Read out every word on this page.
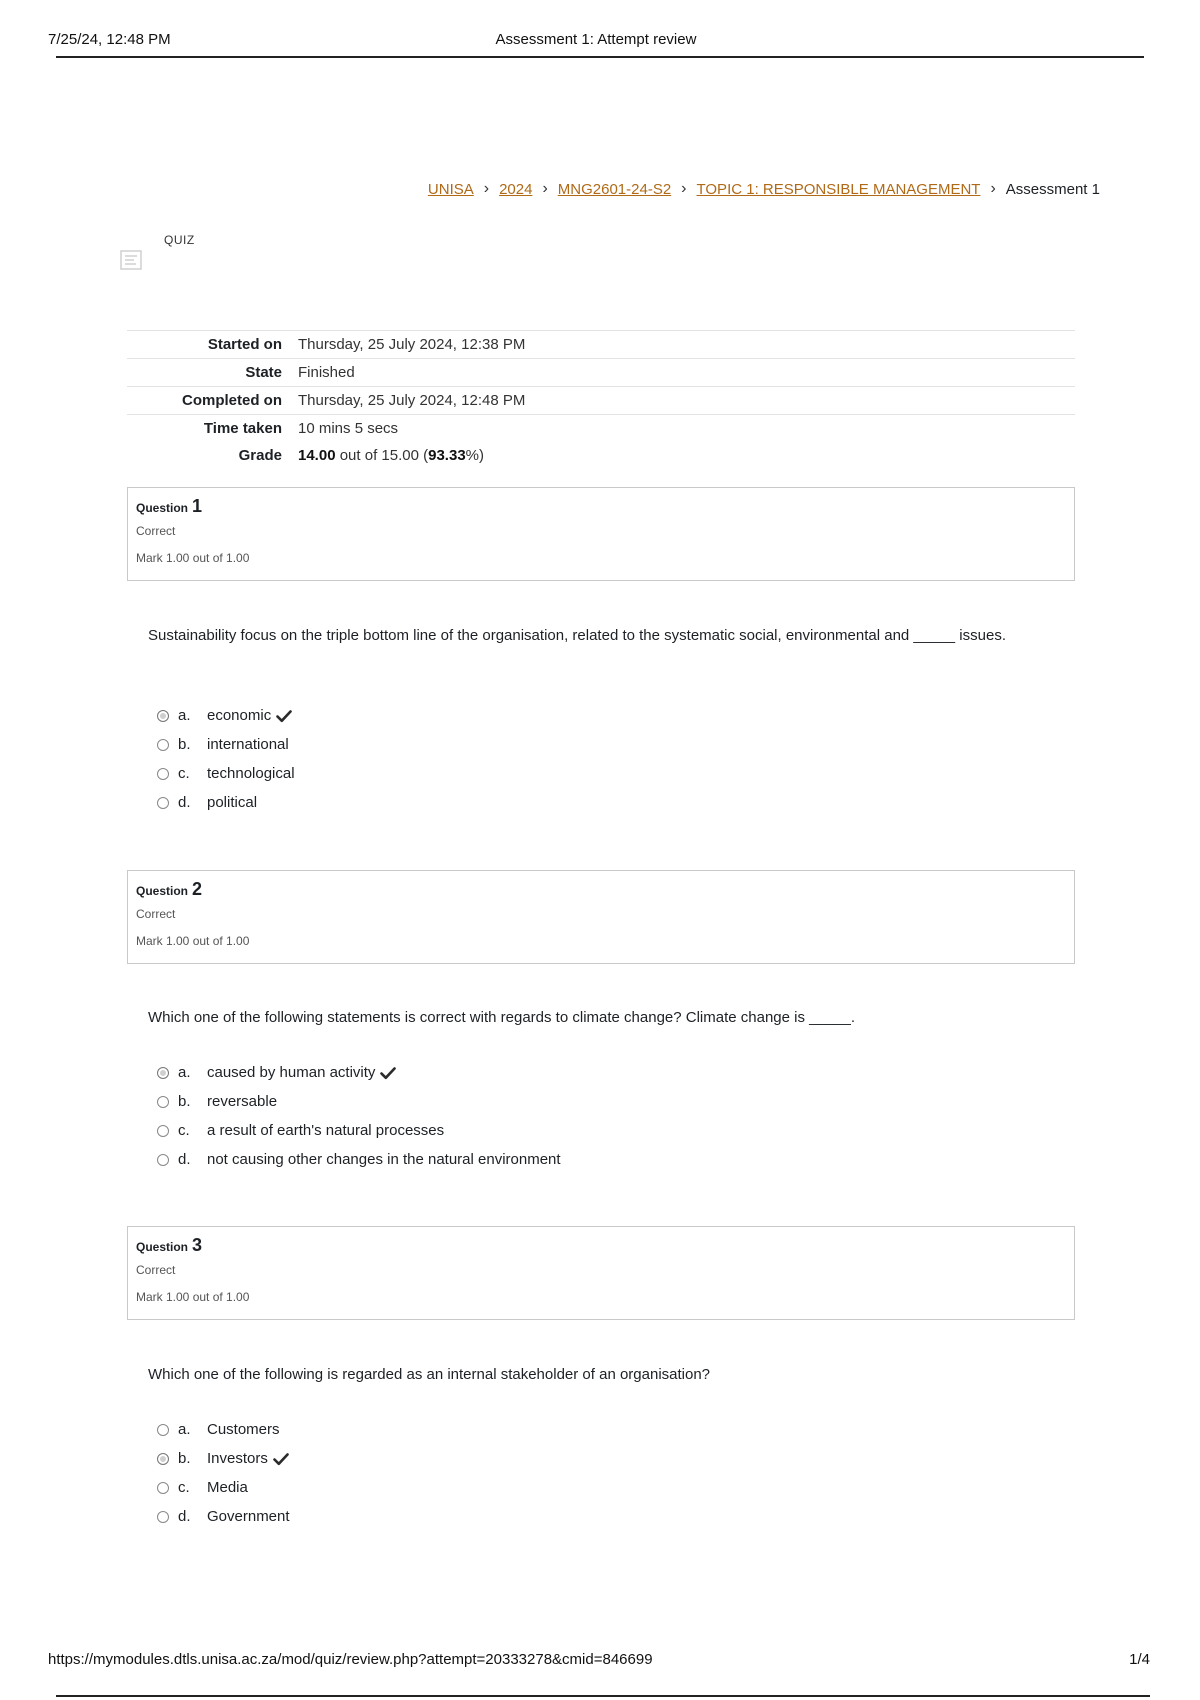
7/25/24, 12:48 PM	Assessment 1: Attempt review
UNISA › 2024 › MNG2601-24-S2 › TOPIC 1: RESPONSIBLE MANAGEMENT › Assessment 1
QUIZ
Started on	Thursday, 25 July 2024, 12:38 PM
State	Finished
Completed on	Thursday, 25 July 2024, 12:48 PM
Time taken	10 mins 5 secs
Grade	14.00 out of 15.00 (93.33%)
Question 1
Correct
Mark 1.00 out of 1.00
Sustainability focus on the triple bottom line of the organisation, related to the systematic social, environmental and _____ issues.
a.	economic
b.	international
c.	technological
d.	political
Question 2
Correct
Mark 1.00 out of 1.00
Which one of the following statements is correct with regards to climate change? Climate change is _____.
a.	caused by human activity
b.	reversable
c.	a result of earth's natural processes
d.	not causing other changes in the natural environment
Question 3
Correct
Mark 1.00 out of 1.00
Which one of the following is regarded as an internal stakeholder of an organisation?
a.	Customers
b.	Investors
c.	Media
d.	Government
https://mymodules.dtls.unisa.ac.za/mod/quiz/review.php?attempt=20333278&cmid=846699	1/4
